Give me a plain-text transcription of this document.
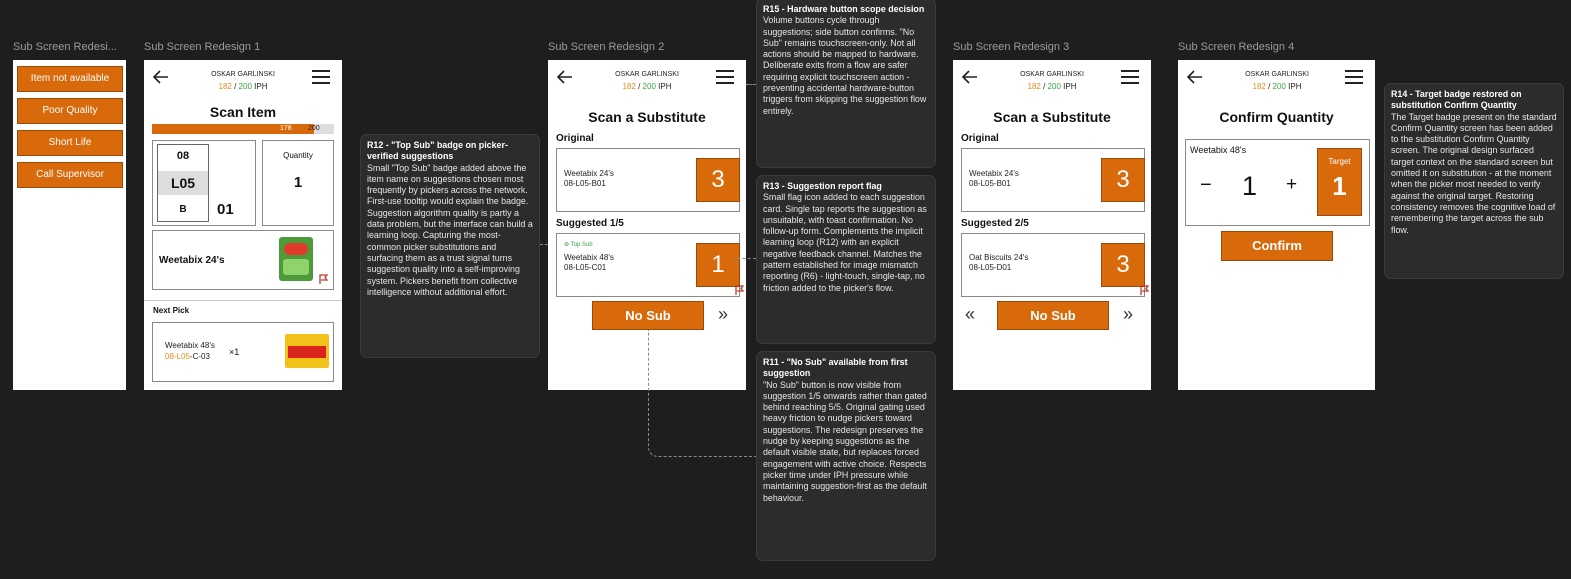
Sub Screen Redesi...	Sub Screen Redesign 1	Sub Screen Redesign 2	Sub Screen Redesign 3	Sub Screen Redesign 4
Item not available
Poor Quality
Short Life
Call Supervisor
OSKAR GARLINSKI
182 / 200 IPH
Scan Item
178 200
08
L05
B	01
Quantity
1
Weetabix 24's
Next Pick
Weetabix 48's
08-L05-C-03 ×1
R12 - "Top Sub" badge on picker-verified suggestions
Small "Top Sub" badge added above the item name on suggestions chosen most frequently by pickers across the network. First-use tooltip would explain the badge. Suggestion algorithm quality is partly a data problem, but the interface can build a learning loop. Capturing the most-common picker substitutions and surfacing them as a trust signal turns suggestion quality into a self-improving system. Pickers benefit from collective intelligence without additional effort.
OSKAR GARLINSKI
182 / 200 IPH
Scan a Substitute
Original
Weetabix 24's
08-L05-B01	3
Suggested 1/5
⊕ Top Sub
Weetabix 48's
08-L05-C01	1
No Sub	»
R15 - Hardware button scope decision
Volume buttons cycle through suggestions; side button confirms. "No Sub" remains touchscreen-only. Not all actions should be mapped to hardware. Deliberate exits from a flow are safer requiring explicit touchscreen action - preventing accidental hardware-button triggers from skipping the suggestion flow entirely.
R13 - Suggestion report flag
Small flag icon added to each suggestion card. Single tap reports the suggestion as unsuitable, with toast confirmation. No follow-up form. Complements the implicit learning loop (R12) with an explicit negative feedback channel. Matches the pattern established for image mismatch reporting (R6) - light-touch, single-tap, no friction added to the picker's flow.
R11 - "No Sub" available from first suggestion
"No Sub" button is now visible from suggestion 1/5 onwards rather than gated behind reaching 5/5. Original gating used heavy friction to nudge pickers toward suggestions. The redesign preserves the nudge by keeping suggestions as the default visible state, but replaces forced engagement with active choice. Respects picker time under IPH pressure while maintaining suggestion-first as the default behaviour.
OSKAR GARLINSKI
182 / 200 IPH
Scan a Substitute
Original
Weetabix 24's
08-L05-B01	3
Suggested 2/5
Oat Biscuits 24's
08-L05-D01	3
«	No Sub	»
OSKAR GARLINSKI
182 / 200 IPH
Confirm Quantity
Weetabix 48's
− 1 +
Target
1
Confirm
R14 - Target badge restored on substitution Confirm Quantity
The Target badge present on the standard Confirm Quantity screen has been added to the substitution Confirm Quantity screen. The original design surfaced target context on the standard screen but omitted it on substitution - at the moment when the picker most needed to verify against the original target. Restoring consistency removes the cognitive load of remembering the target across the sub flow.
